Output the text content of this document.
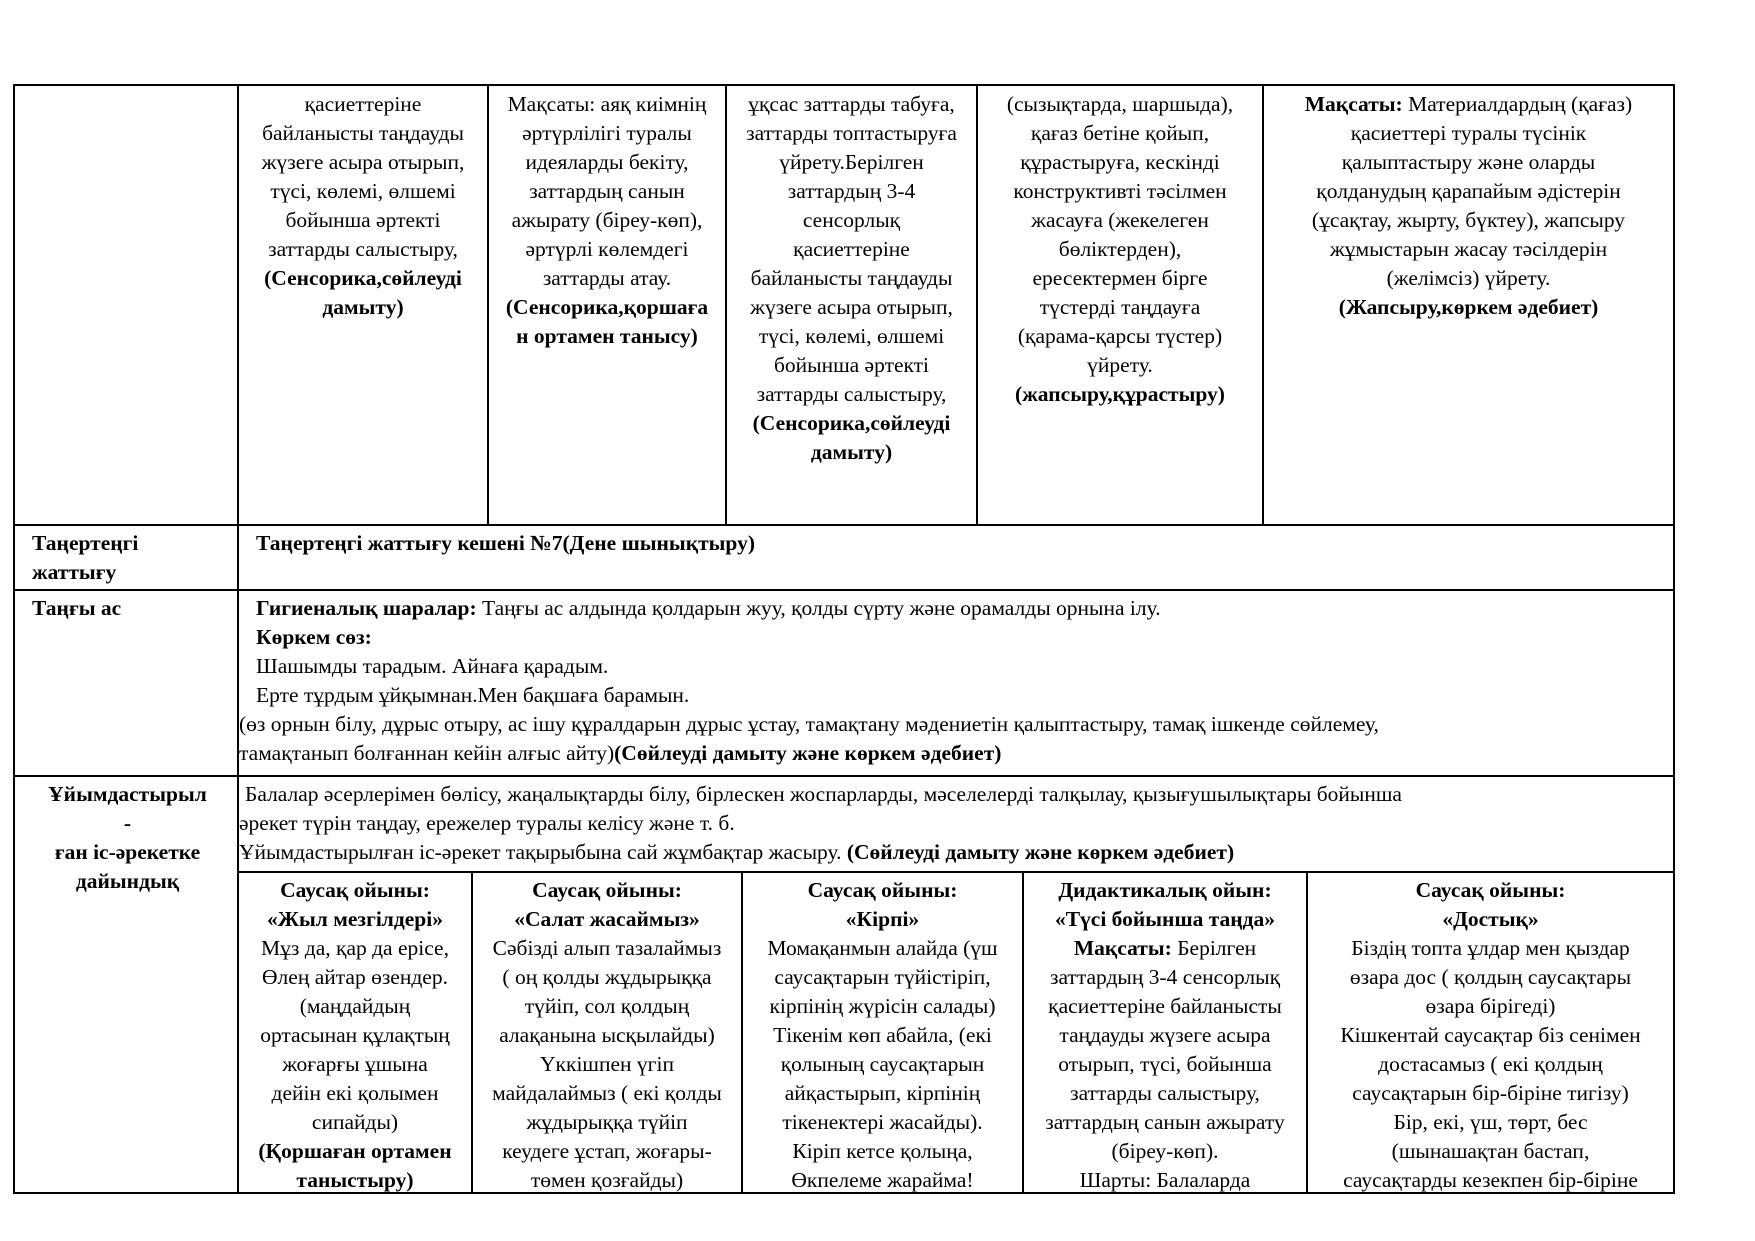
қасиеттеріне
байланысты таңдауды
жүзеге асыра отырып,
түсі, көлемі, өлшемі
бойынша әртекті
заттарды салыстыру,
(Сенсорика,сөйлеуді
дамыту)
Мақсаты: аяқ киімнің
әртүрлілігі туралы
идеяларды бекіту,
заттардың санын
ажырату (біреу-көп),
әртүрлі көлемдегі
заттарды атау.
(Сенсорика,қоршаға
н ортамен танысу)
ұқсас заттарды табуға,
заттарды топтастыруға
үйрету.Берілген
заттардың 3-4
сенсорлық
қасиеттеріне
байланысты таңдауды
жүзеге асыра отырып,
түсі, көлемі, өлшемі
бойынша әртекті
заттарды салыстыру,
(Сенсорика,сөйлеуді
дамыту)
(сызықтарда, шаршыда),
қағаз бетіне қойып,
құрастыруға, кескінді
конструктивті тәсілмен
жасауға (жекелеген
бөліктерден),
ересектермен бірге
түстерді таңдауға
(қарама-қарсы түстер)
үйрету.
(жапсыру,құрастыру)
Мақсаты: Материалдардың (қағаз)
қасиеттері туралы түсінік
қалыптастыру және оларды
қолданудың қарапайым әдістерін
(ұсақтау, жырту, бүктеу), жапсыру
жұмыстарын жасау тәсілдерін
(желімсіз) үйрету.
(Жапсыру,көркем әдебиет)
Таңертеңгі
жаттығу
Таңертеңгі жаттығу кешені №7(Дене шынықтыру)
Таңғы ас	Гигиеналық шаралар: Таңғы ас алдында қолдарын жуу, қолды сүрту және орамалды орнына ілу.
Көркем сөз:
Шашымды тарадым. Айнаға қарадым.
Ерте тұрдым ұйқымнан.Мен бақшаға барамын.
(өз орнын білу, дұрыс отыру, ас ішу құралдарын дұрыс ұстау, тамақтану мәдениетін қалыптастыру, тамақ ішкенде сөйлемеу,
тамақтанып болғаннан кейін алғыс айту)(Сөйлеуді дамыту және көркем әдебиет)
Ұйымдастырыл
-
ған іс-әрекетке
дайындық
Балалар әсерлерімен бөлісу, жаңалықтарды білу, бірлескен жоспарларды, мәселелерді талқылау, қызығушылықтары бойынша
әрекет түрін таңдау, ережелер туралы келісу және т. б.
Ұйымдастырылған іс-әрекет тақырыбына сай жұмбақтар жасыру. (Сөйлеуді дамыту және көркем әдебиет)
Саусақ ойыны:
«Жыл мезгілдері»
Мұз да, қар да ерісе,
Өлең айтар өзендер.
(маңдайдың
ортасынан құлақтың
жоғарғы ұшына
дейін екі қолымен
сипайды)
(Қоршаған ортамен
таныстыру)
Саусақ ойыны:
«Салат жасаймыз»
Сәбізді алып тазалаймыз
( оң қолды жұдырыққа
түйіп, сол қолдың
алақанына ысқылайды)
Үккішпен үгіп
майдалаймыз ( екі қолды
жұдырыққа түйіп
кеудеге ұстап, жоғары-
төмен қозғайды)
Саусақ ойыны:
«Кірпі»
Момақанмын алайда (үш
саусақтарын түйістіріп,
кірпінің жүрісін салады)
Тікенім көп абайла, (екі
қолының саусақтарын
айқастырып, кірпінің
тікенектері жасайды).
Кіріп кетсе қолыңа,
Өкпелеме жарайма!
Дидактикалық ойын:
«Түсі бойынша таңда»
Мақсаты: Берілген
заттардың 3-4 сенсорлық
қасиеттеріне байланысты
таңдауды жүзеге асыра
отырып, түсі, бойынша
заттарды салыстыру,
заттардың санын ажырату
(біреу-көп).
Шарты: Балаларда
Саусақ ойыны:
«Достық»
Біздің топта ұлдар мен қыздар
өзара дос ( қолдың саусақтары
өзара бірігеді)
Кішкентай саусақтар біз сенімен
достасамыз ( екі қолдың
саусақтарын бір-біріне тигізу)
Бір, екі, үш, төрт, бес
(шынашақтан бастап,
саусақтарды кезекпен бір-біріне
